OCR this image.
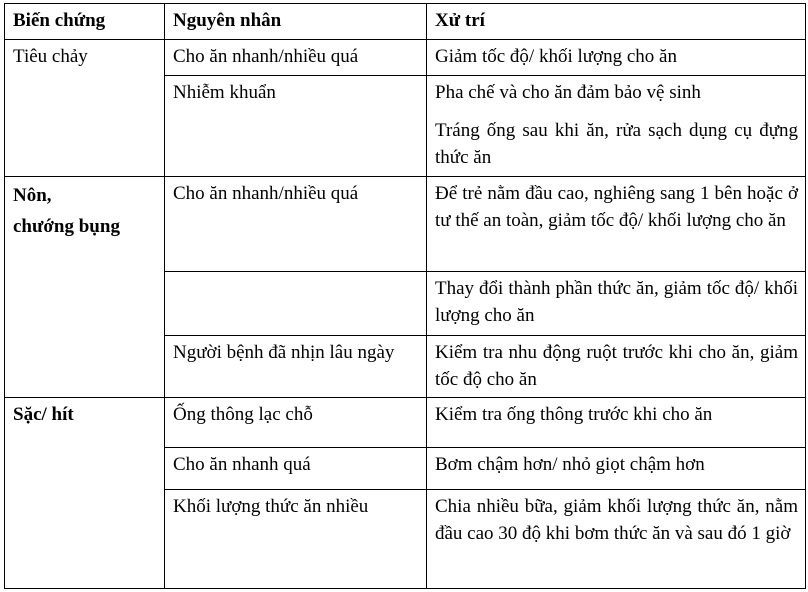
Biến chứng	Nguyên nhân	Xử trí

Tiêu chảy	Cho ăn nhanh/nhiều quá	Giảm tốc độ/ khối lượng cho ăn

	Nhiễm khuẩn	Pha chế và cho ăn đảm bảo vệ sinh
Tráng ống sau khi ăn, rửa sạch dụng cụ đựng thức ăn

Nôn,
chướng bụng	Cho ăn nhanh/nhiều quá	Để trẻ nằm đầu cao, nghiêng sang 1 bên hoặc ở tư thế an toàn, giảm tốc độ/ khối lượng cho ăn

		Thay đổi thành phần thức ăn, giảm tốc độ/ khối lượng cho ăn

	Người bệnh đã nhịn lâu ngày	Kiểm tra nhu động ruột trước khi cho ăn, giảm tốc độ cho ăn

Sặc/ hít	Ống thông lạc chỗ	Kiểm tra ống thông trước khi cho ăn

	Cho ăn nhanh quá	Bơm chậm hơn/ nhỏ giọt chậm hơn

	Khối lượng thức ăn nhiều	Chia nhiều bữa, giảm khối lượng thức ăn, nằm đầu cao 30 độ khi bơm thức ăn và sau đó 1 giờ
